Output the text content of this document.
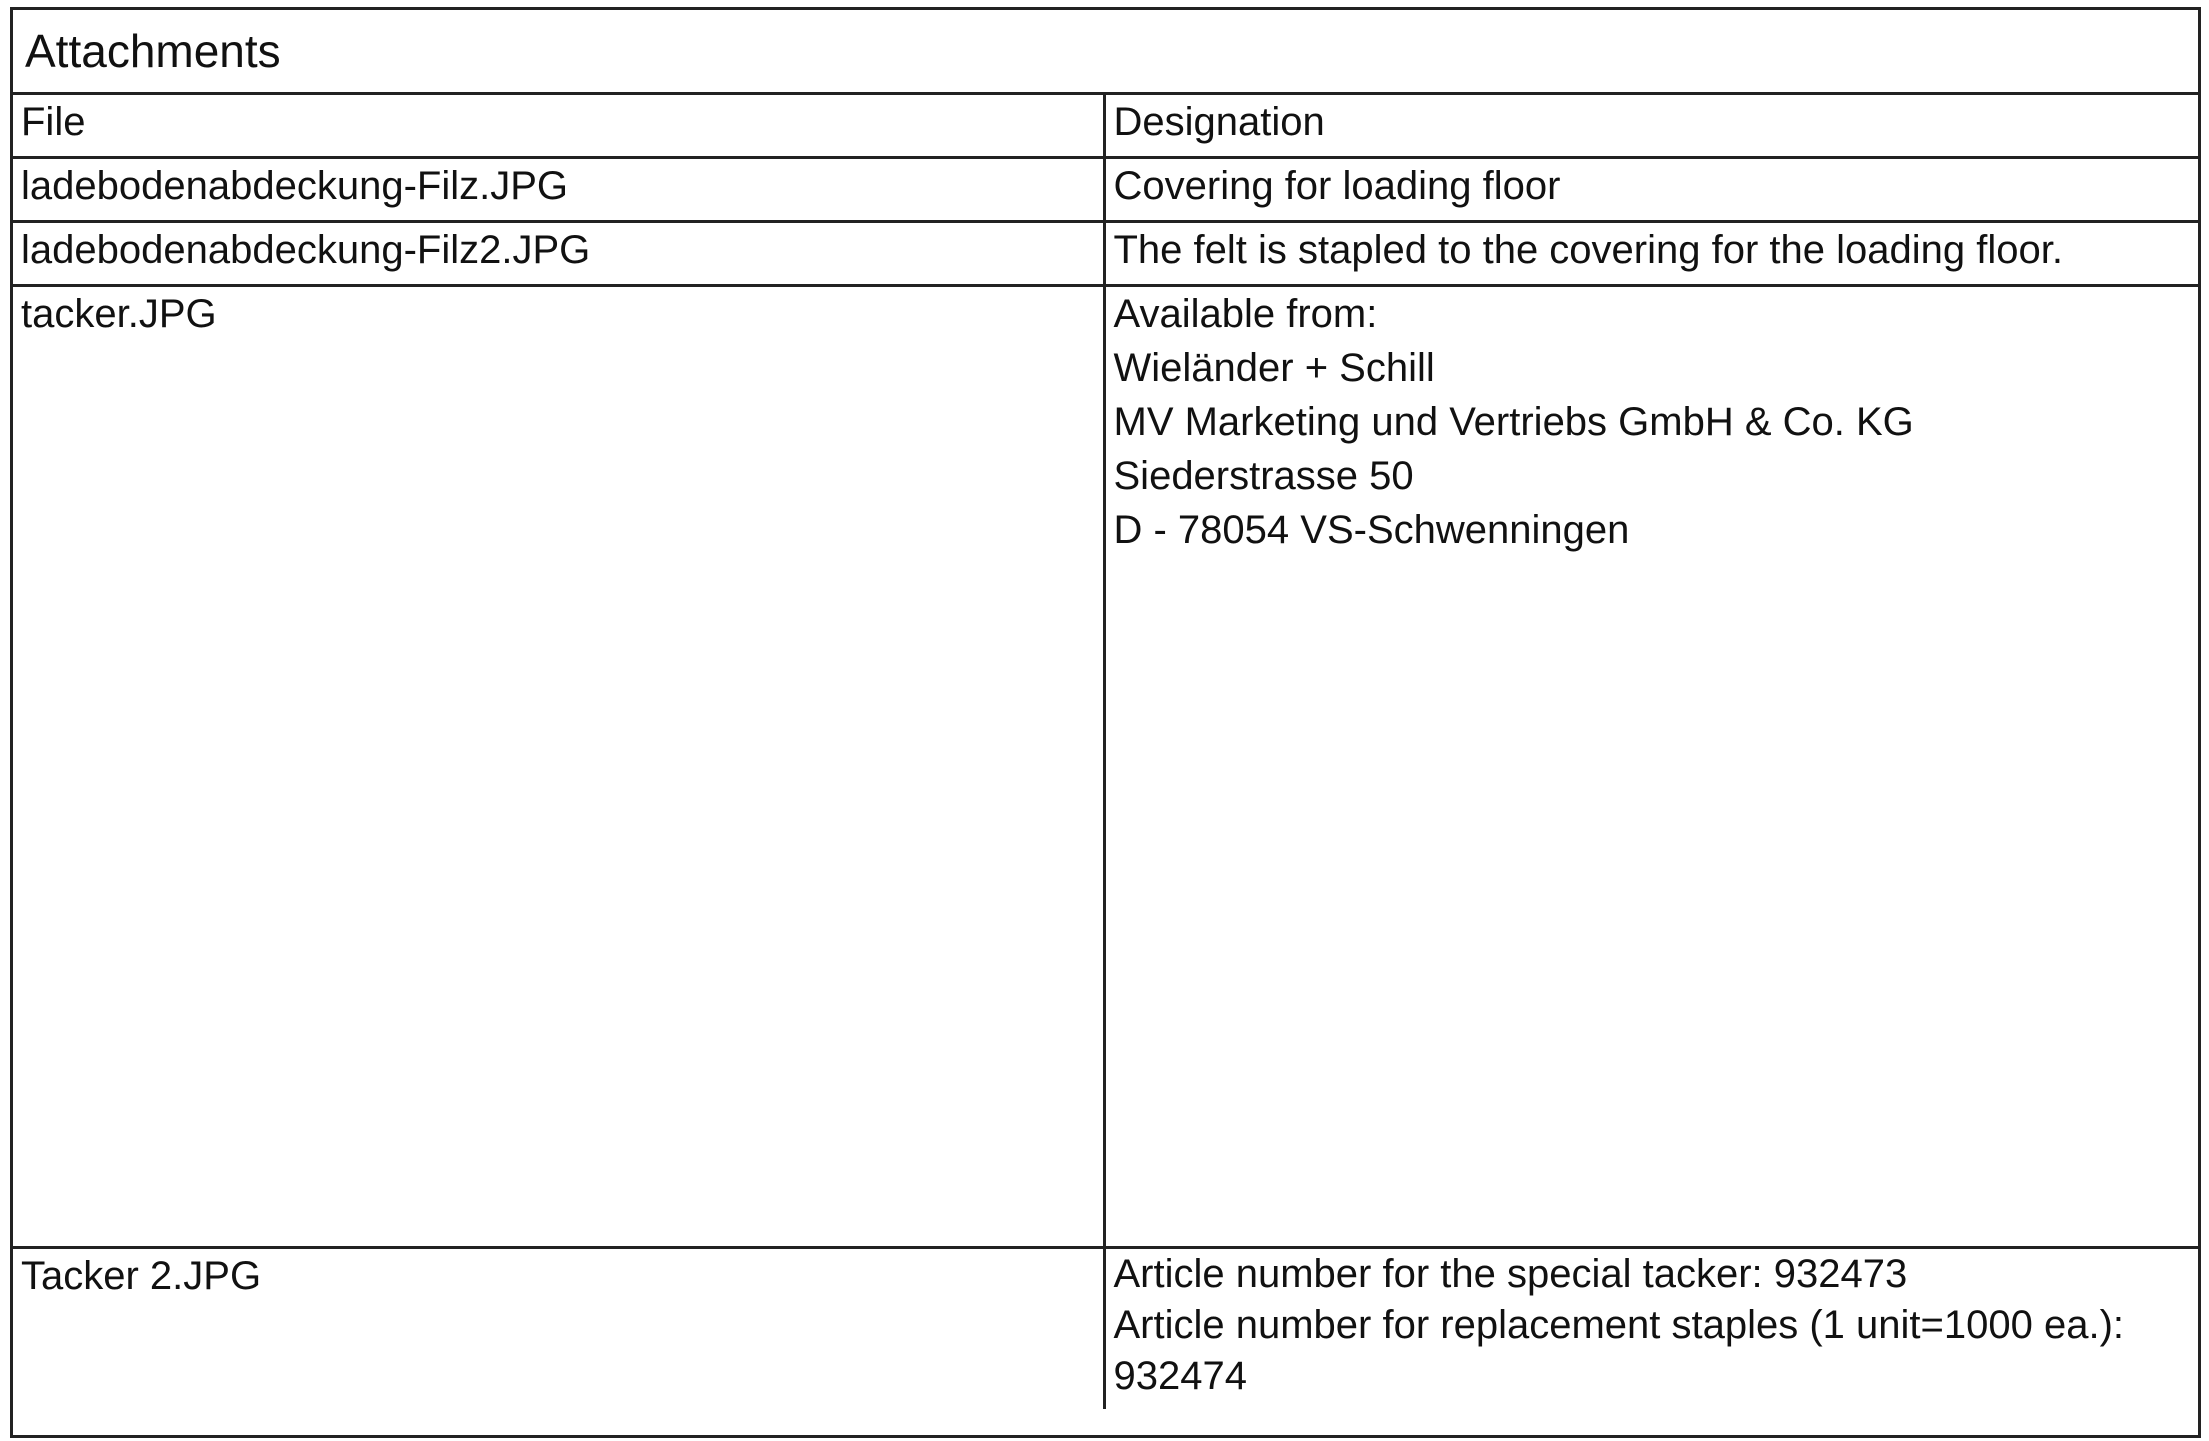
Attachments
File	Designation
ladebodenabdeckung-Filz.JPG	Covering for loading floor

ladebodenabdeckung-Filz2.JPG	The felt is stapled to the covering for the loading floor.

tacker.JPG	Available from:
Wieländer + Schill
MV Marketing und Vertriebs GmbH & Co. KG
Siederstrasse 50
D - 78054 VS-Schwenningen

Tacker 2.JPG	Article number for the special tacker: 932473
Article number for replacement staples (1 unit=1000 ea.):
932474
